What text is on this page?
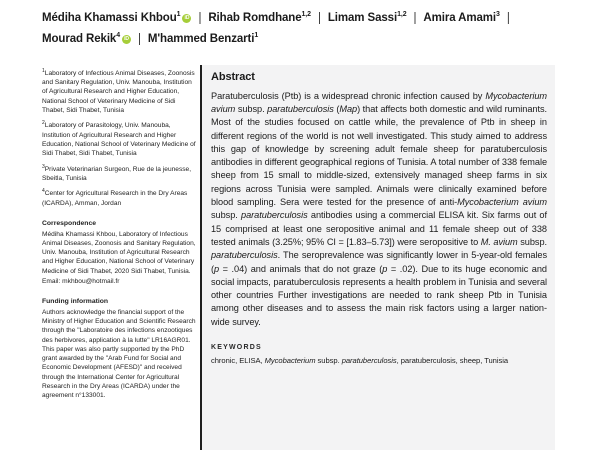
Médiha Khamassi Khbou$^1$ iD | Rihab Romdhane$^{1,2}$ | Limam Sassi$^{1,2}$ | Amira Amami$^3$ |Mourad Rekik$^4$ iD | M'hammed Benzarti$^1$

$^1$Laboratory of Infectious Animal Diseases, Zoonosis and Sanitary Regulation, Univ. Manouba, Institution of Agricultural Research and Higher Education, National School of Veterinary Medicine of Sidi Thabet, Sidi Thabet, Tunisia

$^2$Laboratory of Parasitology, Univ. Manouba, Institution of Agricultural Research and Higher Education, National School of Veterinary Medicine of Sidi Thabet, Sidi Thabet, Tunisia

$^3$Private Veterinarian Surgeon, Rue de la jeunesse, Sbeitla, Tunisia

$^4$Center for Agricultural Research in the Dry Areas (ICARDA), Amman, Jordan

Correspondence

Médiha Khamassi Khbou, Laboratory of Infectious Animal Diseases, Zoonosis and Sanitary Regulation, Univ. Manouba, Institution of Agricultural Research and Higher Education, National School of Veterinary Medicine of Sidi Thabet, 2020 Sidi Thabet, Tunisia.

Email: mkhbou@hotmail.fr

Funding information

Authors acknowledge the financial support of the Ministry of Higher Education and Scientific Research through the "Laboratoire des infections enzootiques des herbivores, application à la lutte" LR16AGR01. This paper was also partly supported by the PhD grant awarded by the "Arab Fund for Social and Economic Development (AFESD)" and received through the International Center for Agricultural Research in the Dry Areas (ICARDA) under the agreement n°133001.

Abstract

Paratuberculosis (Ptb) is a widespread chronic infection caused by Mycobacterium avium subsp. paratuberculosis (Map) that affects both domestic and wild ruminants. Most of the studies focused on cattle while, the prevalence of Ptb in sheep in different regions of the world is not well investigated. This study aimed to address this gap of knowledge by screening adult female sheep for paratuberculosis antibodies in different geographical regions of Tunisia. A total number of 338 female sheep from 15 small to middle-sized, extensively managed sheep farms in six regions across Tunisia were sampled. Animals were clinically examined before blood sampling. Sera were tested for the presence of anti-Mycobacterium avium subsp. paratuberculosis antibodies using a commercial ELISA kit. Six farms out of 15 comprised at least one seropositive animal and 11 female sheep out of 338 tested animals (3.25%; 95% CI = [1.83–5.73]) were seropositive to M. avium subsp. paratuberculosis. The seroprevalence was significantly lower in 5-year-old females (p = .04) and animals that do not graze (p = .02). Due to its huge economic and social impacts, paratuberculosis represents a health problem in Tunisia and several other countries Further investigations are needed to rank sheep Ptb in Tunisia among other diseases and to assess the main risk factors using a larger nation-wide survey.

KEYWORDS

chronic, ELISA, Mycobacterium subsp. paratuberculosis, paratuberculosis, sheep, Tunisia
